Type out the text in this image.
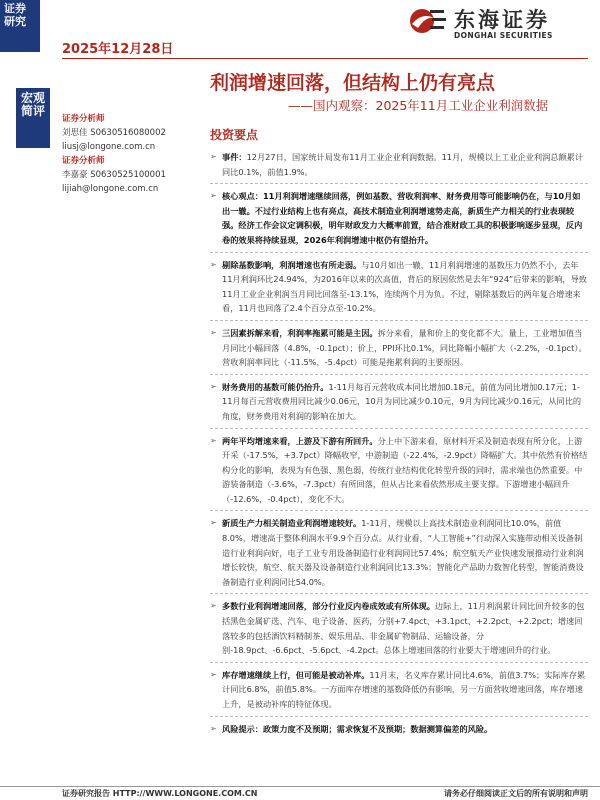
证券
研究
2025年12月28日
东海证券
DONGHAI SECURITIES
宏观
简评
利润增速回落，但结构上仍有亮点
——国内观察：2025年11月工业企业利润数据
证券分析师
刘思佳 S0630516080002
liusj@longone.com.cn
证券分析师
李嘉豪 S0630525100001
lijiah@longone.com.cn
投资要点
➢ 事件：12月27日，国家统计局发布11月工业企业利润数据。11月，规模以上工业企业利润总额累计同比0.1%，前值1.9%。
➢ 核心观点：11月利润增速继续回落，例如基数、营收利润率、财务费用等可能影响仍在，与10月如出一辙。不过行业结构上也有亮点，高技术制造业利润增速势走高，新质生产力相关的行业表现较强。经济工作会议定调积极，明年财政发力大概率前置，结合准财政工具的积极影响逐步显现，反内卷的效果将持续显现，2026年利润增速中枢仍有望抬升。
➢ 剔除基数影响，利润增速也有所走弱。与10月如出一辙，11月利润增速的基数压力仍然不小，去年11月利润环比24.94%，为2016年以来的次高值，背后的原因依然是去年“924”后带来的影响，导致11月工业企业利润当月同比回落至-13.1%，连续两个月为负。不过，剔除基数后的两年复合增速来看，11月也回落了2.4个百分点至-10.2%。
➢ 三因素拆解来看，利润率拖累可能是主因。拆分来看，量和价上的变化都不大。量上，工业增加值当月同比小幅回落（4.8%，-0.1pct）；价上，PPI环比0.1%，同比降幅小幅扩大（-2.2%，-0.1pct）。营收利润率同比（-11.5%，-5.4pct）可能是拖累利润的主要原因。
➢ 财务费用的基数可能仍抬升。1-11月每百元营收成本同比增加0.18元，前值为同比增加0.17元；1-11月每百元营收费用同比减少0.06元，10月为同比减少0.10元，9月为同比减少0.16元，从同比的角度，财务费用对利润的影响在加大。
➢ 两年平均增速来看，上游及下游有所回升。分上中下游来看，原材料开采及制造表现有所分化，上游开采（-17.5%，+3.7pct）降幅收窄，中游制造（-22.4%，-2.9pct）降幅扩大。其中依然有价格结构分化的影响，表现为有色强、黑色弱，传统行业结构优化转型升级的同时，需求端也仍然重要。中游装备制造（-3.6%，-7.3pct）有所回落，但从占比来看依然形成主要支撑。下游增速小幅回升（-12.6%，-0.4pct），变化不大。
➢ 新质生产力相关制造业利润增速较好。1-11月，规模以上高技术制造业利润同比10.0%，前值8.0%，增速高于整体利润水平9.9个百分点。从行业看，“人工智能+”行动深入实施带动相关设备制造行业利润向好，电子工业专用设备制造行业利润同比57.4%；航空航天产业快速发展推动行业利润增长较快，航空、航天器及设备制造行业利润同比13.3%；智能化产品助力数智化转型，智能消费设备制造行业利润同比54.0%。
➢ 多数行业利润增速回落，部分行业反内卷成效或有所体现。边际上，11月利润累计同比回升较多的包括黑色金属矿选、汽车、电子设备、医药，分别+7.4pct、+3.1pct、+2.2pct、+2.2pct；增速回落较多的包括酒饮料精制茶、娱乐用品、非金属矿物制品、运输设备，分别-18.9pct、-6.6pct、-5.6pct、-4.2pct。总体上增速回落的行业要大于增速回升的行业。
➢ 库存增速继续上行，但可能是被动补库。11月末，名义库存累计同比4.6%，前值3.7%；实际库存累计同比6.8%，前值5.8%。一方面库存增速的基数降低仍有影响，另一方面营收增速回落，库存增速上升，是被动补库的特征体现。
➢ 风险提示：政策力度不及预期；需求恢复不及预期；数据测算偏差的风险。
证券研究报告 HTTP://WWW.LONGONE.COM.CN	请务必仔细阅读正文后的所有说明和声明
